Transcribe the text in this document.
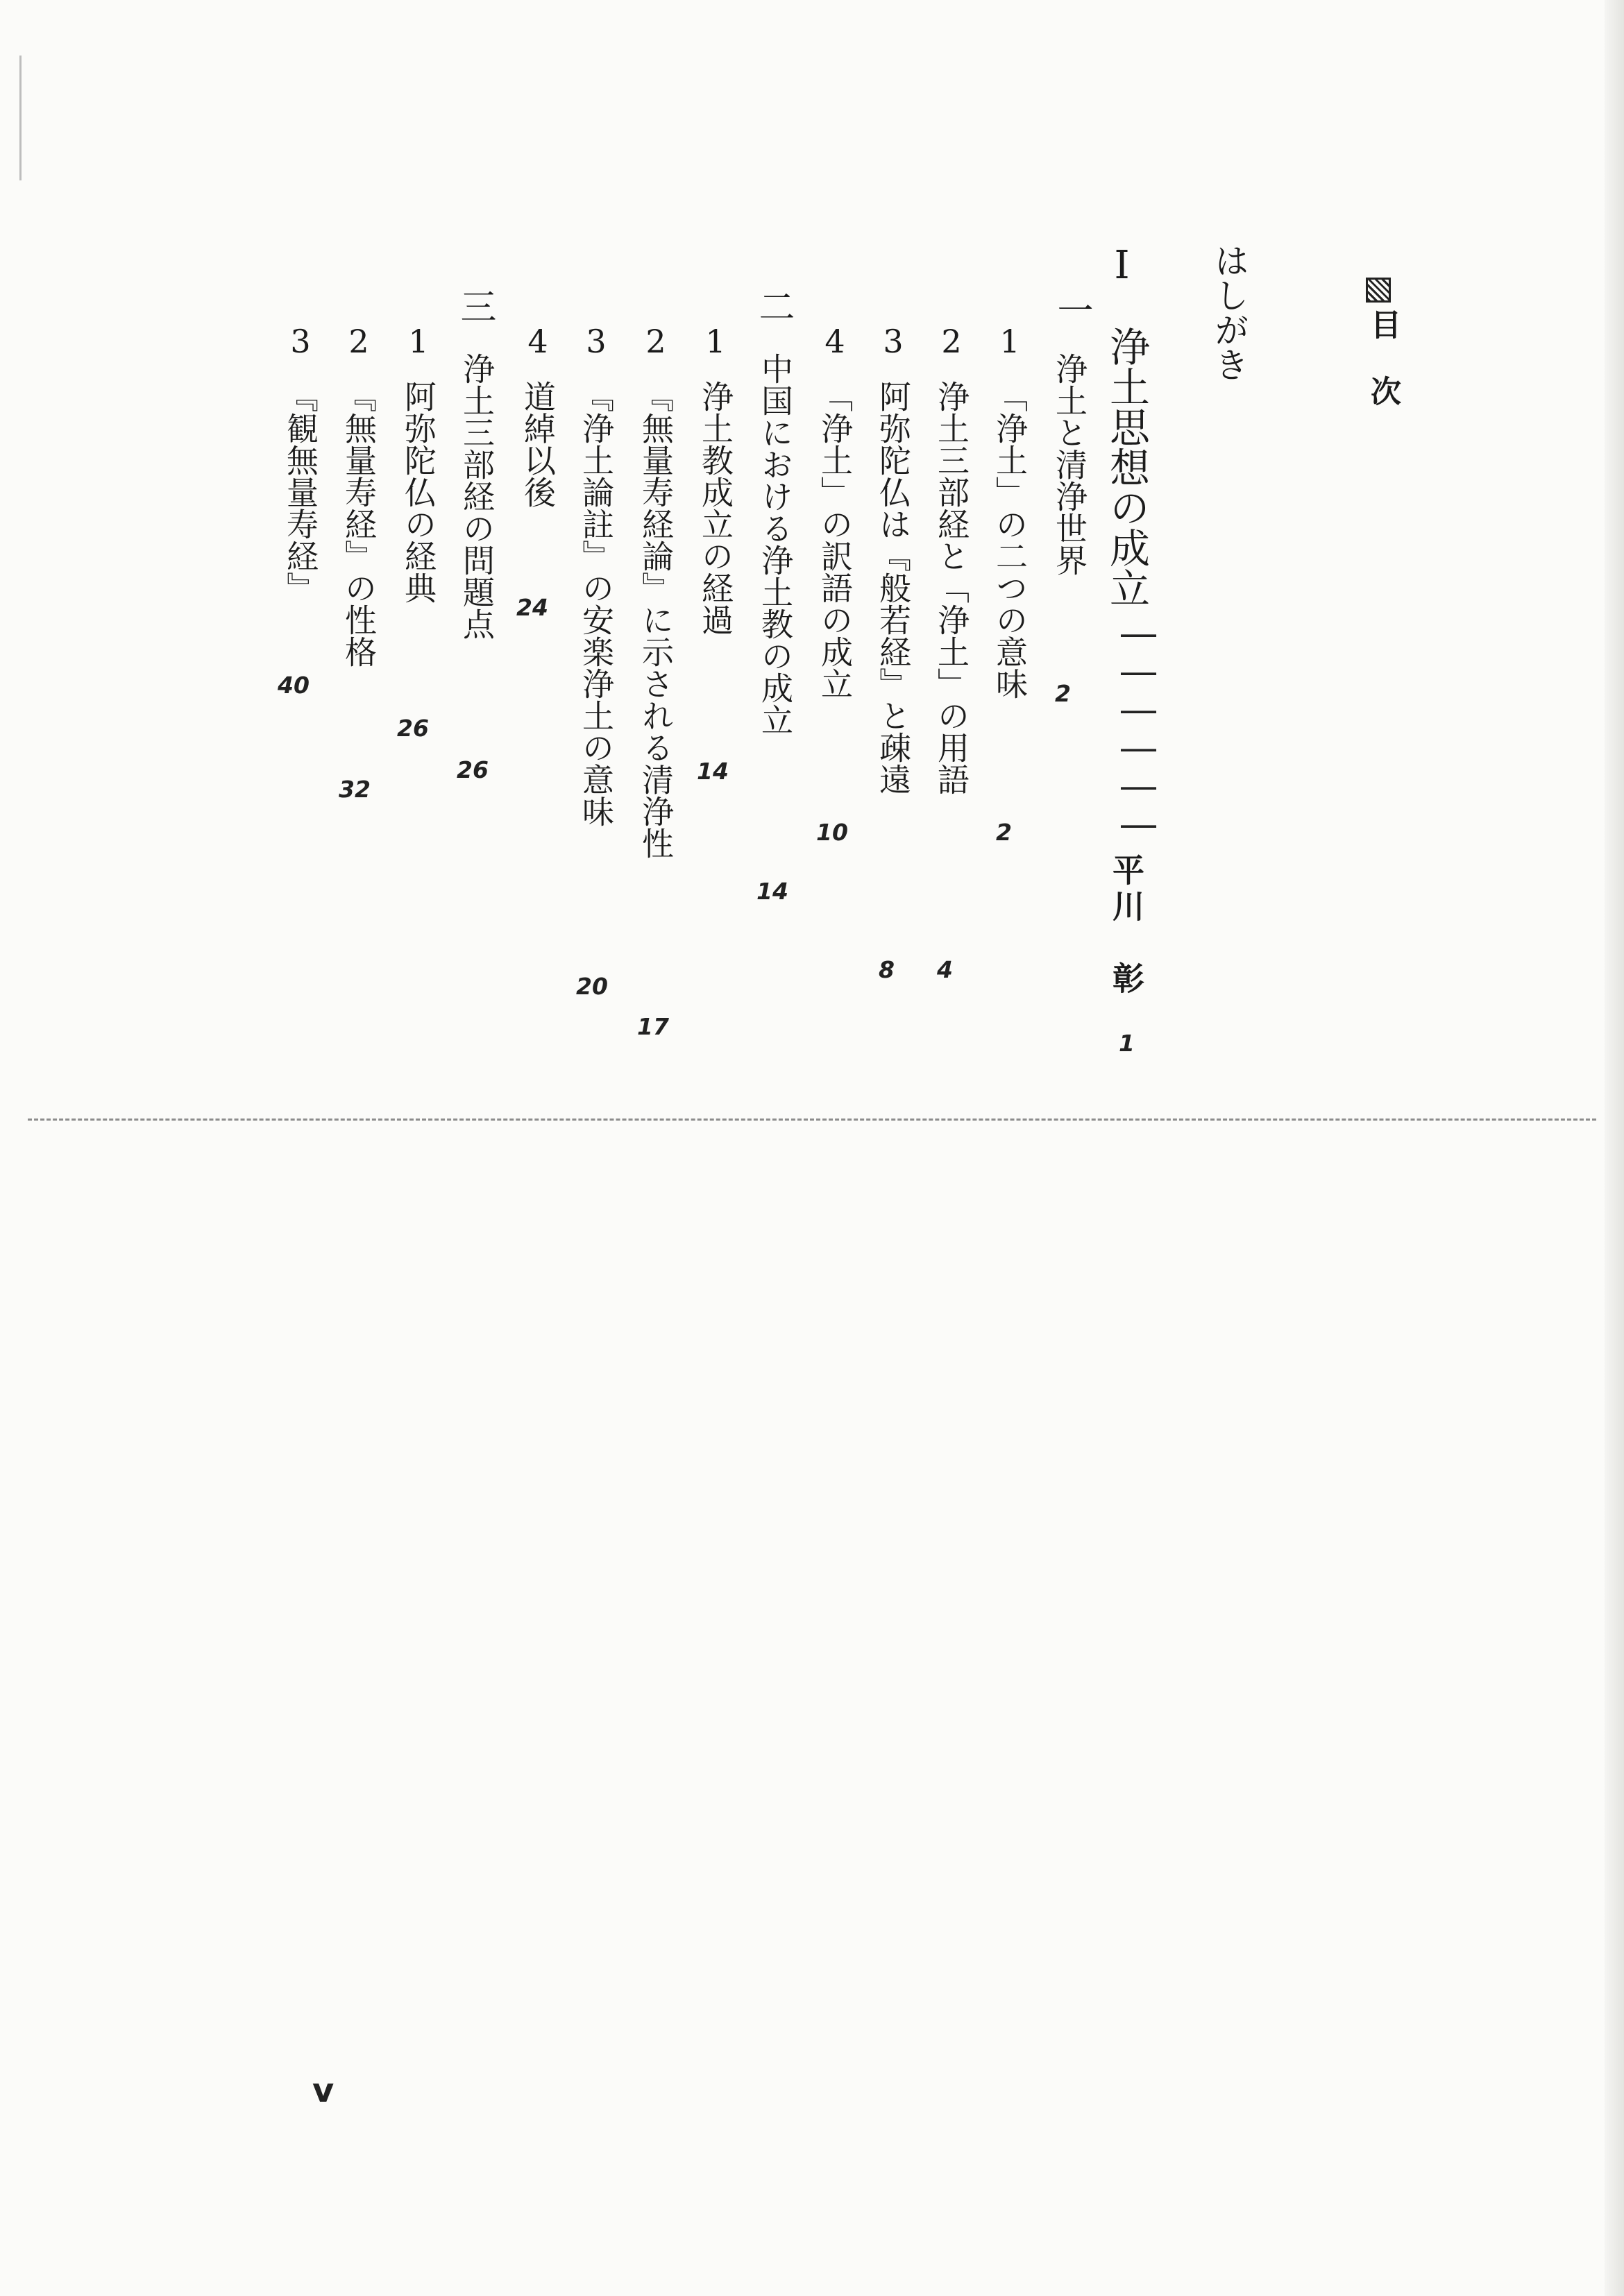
目　次
はしがき
Ⅰ
浄土思想の成立
——————
平川　彰
1
一
浄土と清浄世界
2
1
「浄土」の二つの意味
2
2
浄土三部経と「浄土」の用語
4
3
阿弥陀仏は『般若経』と疎遠
8
4
「浄土」の訳語の成立
10
二
中国における浄土教の成立
14
1
浄土教成立の経過
14
2
『無量寿経論』に示される清浄性
17
3
『浄土論註』の安楽浄土の意味
20
4
道綽以後
24
三
浄土三部経の問題点
26
1
阿弥陀仏の経典
26
2
『無量寿経』の性格
32
3
『観無量寿経』
40
v
